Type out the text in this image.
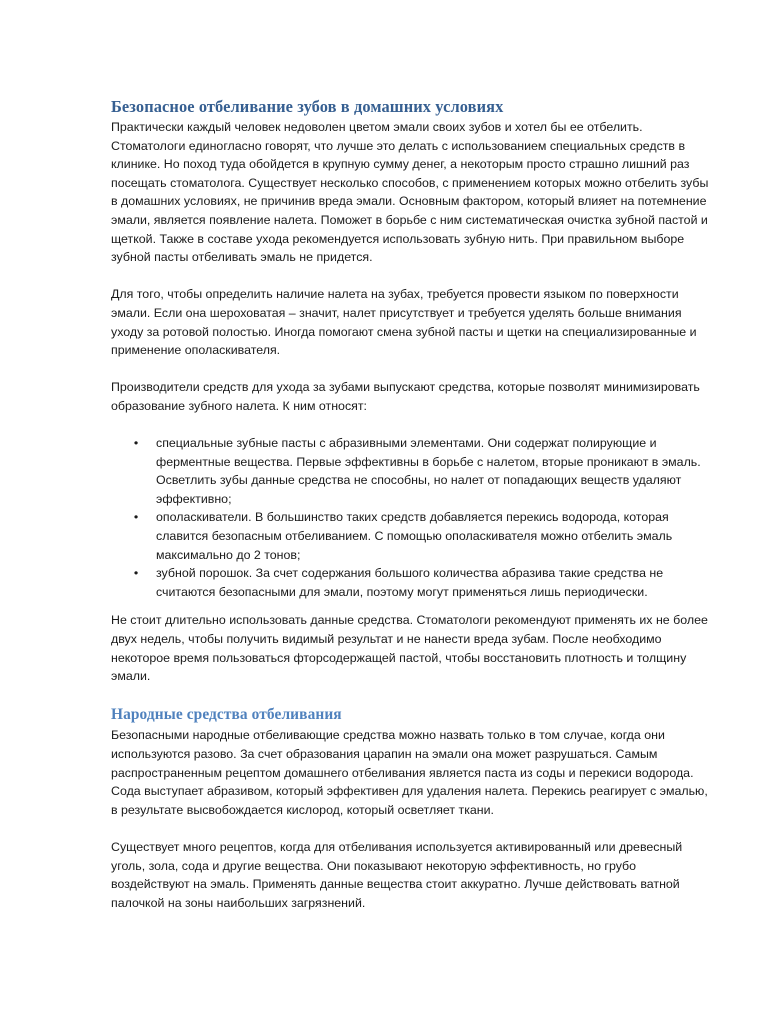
Безопасное отбеливание зубов в домашних условиях

Практически каждый человек недоволен цветом эмали своих зубов и хотел бы ее отбелить. Стоматологи единогласно говорят, что лучше это делать с использованием специальных средств в клинике. Но поход туда обойдется в крупную сумму денег, а некоторым просто страшно лишний раз посещать стоматолога. Существует несколько способов, с применением которых можно отбелить зубы в домашних условиях, не причинив вреда эмали. Основным фактором, который влияет на потемнение эмали, является появление налета. Поможет в борьбе с ним систематическая очистка зубной пастой и щеткой. Также в составе ухода рекомендуется использовать зубную нить. При правильном выборе зубной пасты отбеливать эмаль не придется.

Для того, чтобы определить наличие налета на зубах, требуется провести языком по поверхности эмали. Если она шероховатая – значит, налет присутствует и требуется уделять больше внимания уходу за ротовой полостью. Иногда помогают смена зубной пасты и щетки на специализированные и применение ополаскивателя.

Производители средств для ухода за зубами выпускают средства, которые позволят минимизировать образование зубного налета. К ним относят:

• специальные зубные пасты с абразивными элементами. Они содержат полирующие и ферментные вещества. Первые эффективны в борьбе с налетом, вторые проникают в эмаль. Осветлить зубы данные средства не способны, но налет от попадающих веществ удаляют эффективно;
• ополаскиватели. В большинство таких средств добавляется перекись водорода, которая славится безопасным отбеливанием. С помощью ополаскивателя можно отбелить эмаль максимально до 2 тонов;
• зубной порошок. За счет содержания большого количества абразива такие средства не считаются безопасными для эмали, поэтому могут применяться лишь периодически.

Не стоит длительно использовать данные средства. Стоматологи рекомендуют применять их не более двух недель, чтобы получить видимый результат и не нанести вреда зубам. После необходимо некоторое время пользоваться фторсодержащей пастой, чтобы восстановить плотность и толщину эмали.

Народные средства отбеливания

Безопасными народные отбеливающие средства можно назвать только в том случае, когда они используются разово. За счет образования царапин на эмали она может разрушаться. Самым распространенным рецептом домашнего отбеливания является паста из соды и перекиси водорода. Сода выступает абразивом, который эффективен для удаления налета. Перекись реагирует с эмалью, в результате высвобождается кислород, который осветляет ткани.

Существует много рецептов, когда для отбеливания используется активированный или древесный уголь, зола, сода и другие вещества. Они показывают некоторую эффективность, но грубо воздействуют на эмаль. Применять данные вещества стоит аккуратно. Лучше действовать ватной палочкой на зоны наибольших загрязнений.
